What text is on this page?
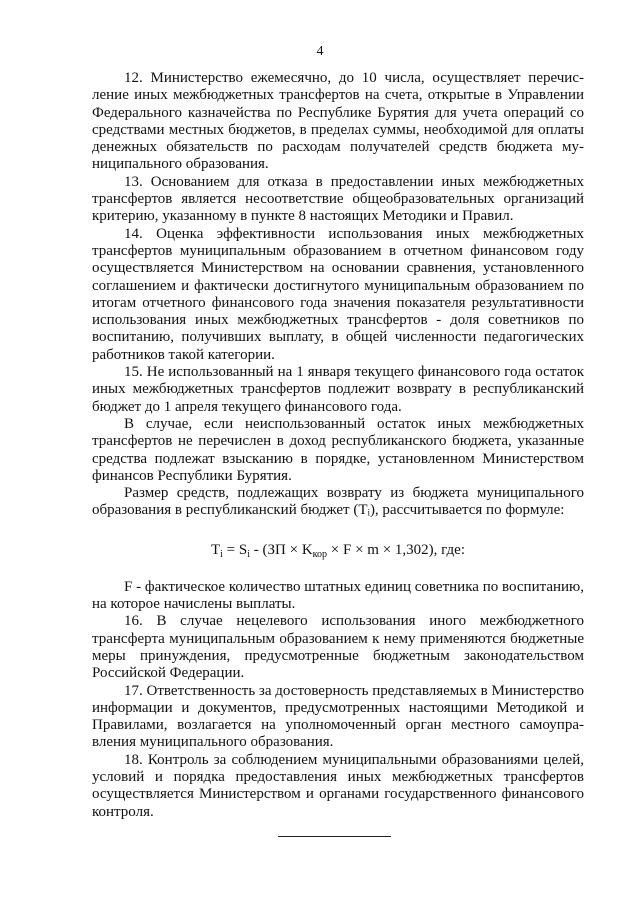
4

12. Министерство ежемесячно, до 10 числа, осуществляет перечисление иных межбюджетных трансфертов на счета, открытые в Управлении Федерального казначейства по Республике Бурятия для учета операций со средствами местных бюджетов, в пределах суммы, необходимой для оплаты денежных обязательств по расходам получателей средств бюджета муниципального образования.

13. Основанием для отказа в предоставлении иных межбюджетных трансфертов является несоответствие общеобразовательных организаций критерию, указанному в пункте 8 настоящих Методики и Правил.

14. Оценка эффективности использования иных межбюджетных трансфертов муниципальным образованием в отчетном финансовом году осуществляется Министерством на основании сравнения, установленного соглашением и фактически достигнутого муниципальным образованием по итогам отчетного финансового года значения показателя результативности использования иных межбюджетных трансфертов - доля советников по воспитанию, получивших выплату, в общей численности педагогических работников такой категории.

15. Не использованный на 1 января текущего финансового года остаток иных межбюджетных трансфертов подлежит возврату в республиканский бюджет до 1 апреля текущего финансового года.

В случае, если неиспользованный остаток иных межбюджетных трансфертов не перечислен в доход республиканского бюджета, указанные средства подлежат взысканию в порядке, установленном Министерством финансов Республики Бурятия.

Размер средств, подлежащих возврату из бюджета муниципального образования в республиканский бюджет (Tᵢ), рассчитывается по формуле:

$T_i = S_i - (ЗП \times K_{кор} \times F \times m \times 1,302)$, где:

F - фактическое количество штатных единиц советника по воспитанию, на которое начислены выплаты.

16. В случае нецелевого использования иного межбюджетного трансферта муниципальным образованием к нему применяются бюджетные меры принуждения, предусмотренные бюджетным законодательством Российской Федерации.

17. Ответственность за достоверность представляемых в Министерство информации и документов, предусмотренных настоящими Методикой и Правилами, возлагается на уполномоченный орган местного самоуправления муниципального образования.

18. Контроль за соблюдением муниципальными образованиями целей, условий и порядка предоставления иных межбюджетных трансфертов осуществляется Министерством и органами государственного финансового контроля.
